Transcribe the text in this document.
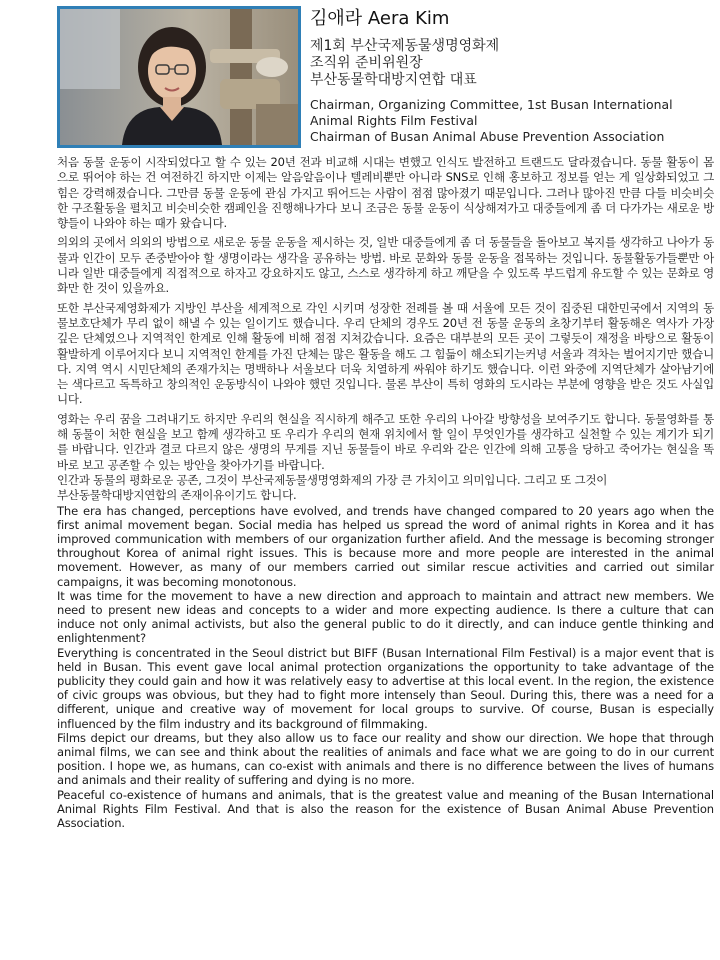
김애라 Aera Kim
제1회 부산국제동물생명영화제
조직위 준비위원장
부산동물학대방지연합 대표
Chairman, Organizing Committee, 1st Busan International
Animal Rights Film Festival
Chairman of Busan Animal Abuse Prevention Association

처음 동물 운동이 시작되었다고 할 수 있는 20년 전과 비교해 시대는 변했고 인식도 발전하고 트랜드도 달라졌습니다. 동물 활동이 몸으로 뛰어야 하는 건 여전하긴 하지만 이제는 알음알음이나 텔레비뿐만 아니라 SNS로 인해 홍보하고 정보를 얻는 게 일상화되었고 그 힘은 강력해졌습니다. 그만큼 동물 운동에 관심 가지고 뛰어드는 사람이 점점 많아졌기 때문입니다. 그러나 많아진 만큼 다들 비슷비슷한 구조활동을 펼치고 비슷비슷한 캠페인을 진행해나가다 보니 조금은 동물 운동이 식상해져가고 대중들에게 좀 더 다가가는 새로운 방향들이 나와야 하는 때가 왔습니다.

의외의 곳에서 의외의 방법으로 새로운 동물 운동을 제시하는 것, 일반 대중들에게 좀 더 동물들을 돌아보고 복지를 생각하고 나아가 동물과 인간이 모두 존중받아야 할 생명이라는 생각을 공유하는 방법. 바로 문화와 동물 운동을 접목하는 것입니다. 동물활동가들뿐만 아니라 일반 대중들에게 직접적으로 하자고 강요하지도 않고, 스스로 생각하게 하고 깨닫을 수 있도록 부드럽게 유도할 수 있는 문화로 영화만 한 것이 있을까요.

또한 부산국제영화제가 지방인 부산을 세계적으로 각인 시키며 성장한 전례를 볼 때 서울에 모든 것이 집중된 대한민국에서 지역의 동물보호단체가 무리 없이 해낼 수 있는 일이기도 했습니다. 우리 단체의 경우도 20년 전 동물 운동의 초창기부터 활동해온 역사가 가장 깊은 단체였으나 지역적인 한계로 인해 활동에 비해 점점 지쳐갔습니다. 요즘은 대부분의 모든 곳이 그렇듯이 재정을 바탕으로 활동이 활발하게 이루어지다 보니 지역적인 한계를 가진 단체는 많은 활동을 해도 그 힘듦이 해소되기는커녕 서울과 격차는 벌어지기만 했습니다. 지역 역시 시민단체의 존재가치는 명백하나 서울보다 더욱 치열하게 싸워야 하기도 했습니다. 이런 와중에 지역단체가 살아남기에는 색다르고 독특하고 창의적인 운동방식이 나와야 했던 것입니다. 물론 부산이 특히 영화의 도시라는 부분에 영향을 받은 것도 사실입니다.

영화는 우리 꿈을 그려내기도 하지만 우리의 현실을 직시하게 해주고 또한 우리의 나아갈 방향성을 보여주기도 합니다. 동물영화를 통해 동물이 처한 현실을 보고 함께 생각하고 또 우리가 우리의 현재 위치에서 할 일이 무엇인가를 생각하고 실천할 수 있는 계기가 되기를 바랍니다. 인간과 결코 다르지 않은 생명의 무게를 지닌 동물들이 바로 우리와 같은 인간에 의해 고통을 당하고 죽어가는 현실을 똑바로 보고 공존할 수 있는 방안을 찾아가기를 바랍니다.

인간과 동물의 평화로운 공존, 그것이 부산국제동물생명영화제의 가장 큰 가치이고 의미입니다. 그리고 또 그것이

부산동물학대방지연합의 존재이유이기도 합니다.

The era has changed, perceptions have evolved, and trends have changed compared to 20 years ago when the first animal movement began. Social media has helped us spread the word of animal rights in Korea and it has improved communication with members of our organization further afield. And the message is becoming stronger throughout Korea of animal right issues. This is because more and more people are interested in the animal movement. However, as many of our members carried out similar rescue activities and carried out similar campaigns, it was becoming monotonous.

It was time for the movement to have a new direction and approach to maintain and attract new members. We need to present new ideas and concepts to a wider and more expecting audience. Is there a culture that can induce not only animal activists, but also the general public to do it directly, and can induce gentle thinking and enlightenment?

Everything is concentrated in the Seoul district but BIFF (Busan International Film Festival) is a major event that is held in Busan. This event gave local animal protection organizations the opportunity to take advantage of the publicity they could gain and how it was relatively easy to advertise at this local event. In the region, the existence of civic groups was obvious, but they had to fight more intensely than Seoul. During this, there was a need for a different, unique and creative way of movement for local groups to survive. Of course, Busan is especially influenced by the film industry and its background of filmmaking.

Films depict our dreams, but they also allow us to face our reality and show our direction. We hope that through animal films, we can see and think about the realities of animals and face what we are going to do in our current position. I hope we, as humans, can co-exist with animals and there is no difference between the lives of humans and animals and their reality of suffering and dying is no more.

Peaceful co-existence of humans and animals, that is the greatest value and meaning of the Busan International Animal Rights Film Festival. And that is also the reason for the existence of Busan Animal Abuse Prevention Association.
